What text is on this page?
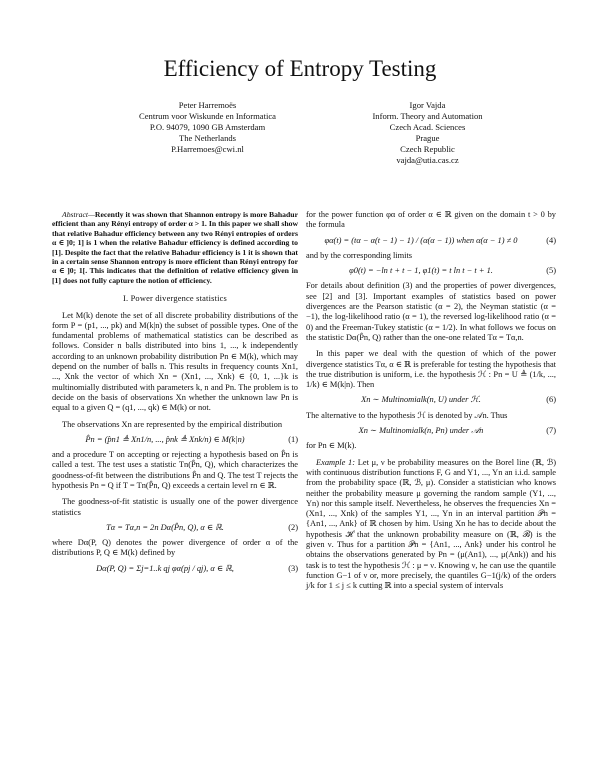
Efficiency of Entropy Testing
Peter Harremoës
Centrum voor Wiskunde en Informatica
P.O. 94079, 1090 GB Amsterdam
The Netherlands
P.Harremoes@cwi.nl
Igor Vajda
Inform. Theory and Automation
Czech Acad. Sciences
Prague
Czech Republic
vajda@utia.cas.cz

Abstract—Recently it was shown that Shannon entropy is more Bahadur efficient than any Rényi entropy of order α > 1. In this paper we shall show that relative Bahadur efficiency between any two Rényi entropies of orders α ∈ ]0; 1] is 1 when the relative Bahadur efficiency is defined according to [1]. Despite the fact that the relative Bahadur efficiency is 1 it is shown that in a certain sense Shannon entropy is more efficient than Rényi entropy for α ∈ ]0; 1[. This indicates that the definition of relative efficiency given in [1] does not fully capture the notion of efficiency.

I. Power divergence statistics

Let M(k) denote the set of all discrete probability distributions of the form P = (p1, ..., pk) and M(k|n) the subset of possible types. One of the fundamental problems of mathematical statistics can be described as follows. Consider n balls distributed into bins 1, ..., k independently according to an unknown probability distribution Pn ∈ M(k), which may depend on the number of balls n. This results in frequency counts Xn1, ..., Xnk the vector of which Xn = (Xn1, ..., Xnk) ∈ {0, 1, ...}k is multinomially distributed with parameters k, n and Pn. The problem is to decide on the basis of observations Xn whether the unknown law Pn is equal to a given Q = (q1, ..., qk) ∈ M(k) or not.

The observations Xn are represented by the empirical distribution

P̂n = (p̂n1 ≜ Xn1/n, ..., p̂nk ≜ Xnk/n) ∈ M(k|n)	(1)

and a procedure T on accepting or rejecting a hypothesis based on P̂n is called a test. The test uses a statistic Tn(P̂n, Q), which characterizes the goodness-of-fit between the distributions P̂n and Q. The test T rejects the hypothesis Pn = Q if T = Tn(P̂n, Q) exceeds a certain level rn ∈ ℝ.

The goodness-of-fit statistic is usually one of the power divergence statistics

Tα = Tα,n = 2n Dα(P̂n, Q), α ∈ ℝ.	(2)

where Dα(P, Q) denotes the power divergence of order α of the distributions P, Q ∈ M(k) defined by

Dα(P, Q) = Σj=1..k qj φα(pj / qj), α ∈ ℝ,	(3)

for the power function φα of order α ∈ ℝ given on the domain t > 0 by the formula

φα(t) = (tα − α(t − 1) − 1) / (α(α − 1)) when α(α − 1) ≠ 0	(4)

and by the corresponding limits

φ0(t) = −ln t + t − 1, φ1(t) = t ln t − t + 1.	(5)

For details about definition (3) and the properties of power divergences, see [2] and [3]. Important examples of statistics based on power divergences are the Pearson statistic (α = 2), the Neyman statistic (α = −1), the log-likelihood ratio (α = 1), the reversed log-likelihood ratio (α = 0) and the Freeman-Tukey statistic (α = 1/2). In what follows we focus on the statistic Dα(P̂n, Q) rather than the one-one related Tα = Tα,n.

In this paper we deal with the question of which of the power divergence statistics Tα, α ∈ ℝ is preferable for testing the hypothesis that the true distribution is uniform, i.e. the hypothesis ℋ : Pn = U ≜ (1/k, ..., 1/k) ∈ M(k|n). Then

Xn ∼ Multinomialk(n, U) under ℋ.	(6)

The alternative to the hypothesis ℋ is denoted by 𝒜n. Thus

Xn ∼ Multinomialk(n, Pn) under 𝒜n	(7)

for Pn ∈ M(k).

Example 1: Let μ, ν be probability measures on the Borel line (ℝ, ℬ) with continuous distribution functions F, G and Y1, ..., Yn an i.i.d. sample from the probability space (ℝ, ℬ, μ). Consider a statistician who knows neither the probability measure μ governing the random sample (Y1, ..., Yn) nor this sample itself. Nevertheless, he observes the frequencies Xn = (Xn1, ..., Xnk) of the samples Y1, ..., Yn in an interval partition 𝒫n = {An1, ..., Ank} of ℝ chosen by him. Using Xn he has to decide about the hypothesis ℋ that the unknown probability measure on (ℝ, ℬ) is the given ν. Thus for a partition 𝒫n = {An1, ..., Ank} under his control he obtains the observations generated by Pn = (μ(An1), ..., μ(Ank)) and his task is to test the hypothesis ℋ : μ = ν. Knowing ν, he can use the quantile function G−1 of ν or, more precisely, the quantiles G−1(j/k) of the orders j/k for 1 ≤ j ≤ k cutting ℝ into a special system of intervals
